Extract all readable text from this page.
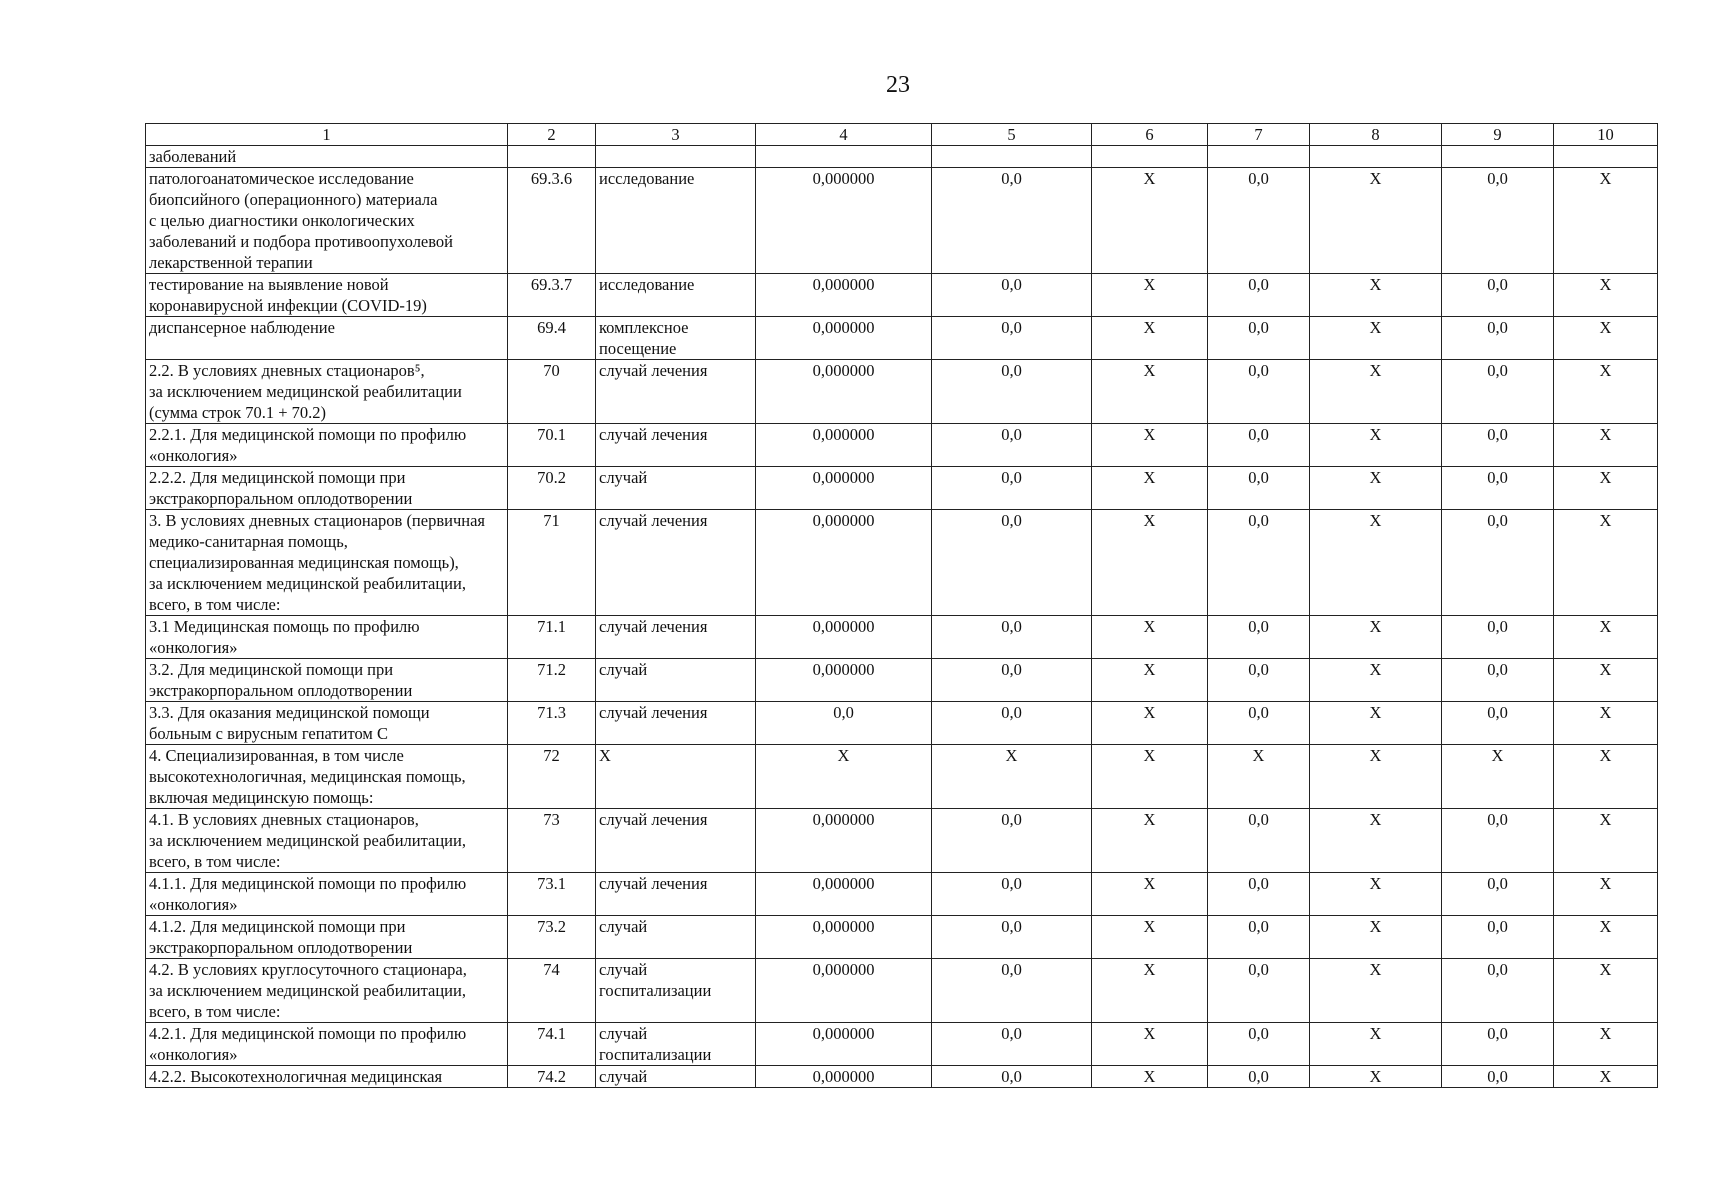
23
1	2	3	4	5	6	7	8	9	10
заболеваний									
патологоанатомическое исследование
биопсийного (операционного) материала
с целью диагностики онкологических
заболеваний и подбора противоопухолевой
лекарственной терапии	69.3.6	исследование	0,000000	0,0	X	0,0	X	0,0	X
тестирование на выявление новой
коронавирусной инфекции (COVID-19)	69.3.7	исследование	0,000000	0,0	X	0,0	X	0,0	X
диспансерное наблюдение	69.4	комплексное
посещение	0,000000	0,0	X	0,0	X	0,0	X
2.2. В условиях дневных стационаров⁵,
за исключением медицинской реабилитации
(сумма строк 70.1 + 70.2)	70	случай лечения	0,000000	0,0	X	0,0	X	0,0	X
2.2.1. Для медицинской помощи по профилю
«онкология»	70.1	случай лечения	0,000000	0,0	X	0,0	X	0,0	X
2.2.2. Для медицинской помощи при
экстракорпоральном оплодотворении	70.2	случай	0,000000	0,0	X	0,0	X	0,0	X
3. В условиях дневных стационаров (первичная
медико-санитарная помощь,
специализированная медицинская помощь),
за исключением медицинской реабилитации,
всего, в том числе:	71	случай лечения	0,000000	0,0	X	0,0	X	0,0	X
3.1 Медицинская помощь по профилю
«онкология»	71.1	случай лечения	0,000000	0,0	X	0,0	X	0,0	X
3.2. Для медицинской помощи при
экстракорпоральном оплодотворении	71.2	случай	0,000000	0,0	X	0,0	X	0,0	X
3.3. Для оказания медицинской помощи
больным с вирусным гепатитом С	71.3	случай лечения	0,0	0,0	X	0,0	X	0,0	X
4. Специализированная, в том числе
высокотехнологичная, медицинская помощь,
включая медицинскую помощь:	72	X	X	X	X	X	X	X	X
4.1. В условиях дневных стационаров,
за исключением медицинской реабилитации,
всего, в том числе:	73	случай лечения	0,000000	0,0	X	0,0	X	0,0	X
4.1.1. Для медицинской помощи по профилю
«онкология»	73.1	случай лечения	0,000000	0,0	X	0,0	X	0,0	X
4.1.2. Для медицинской помощи при
экстракорпоральном оплодотворении	73.2	случай	0,000000	0,0	X	0,0	X	0,0	X
4.2. В условиях круглосуточного стационара,
за исключением медицинской реабилитации,
всего, в том числе:	74	случай
госпитализации	0,000000	0,0	X	0,0	X	0,0	X
4.2.1. Для медицинской помощи по профилю
«онкология»	74.1	случай
госпитализации	0,000000	0,0	X	0,0	X	0,0	X
4.2.2. Высокотехнологичная медицинская	74.2	случай	0,000000	0,0	X	0,0	X	0,0	X
